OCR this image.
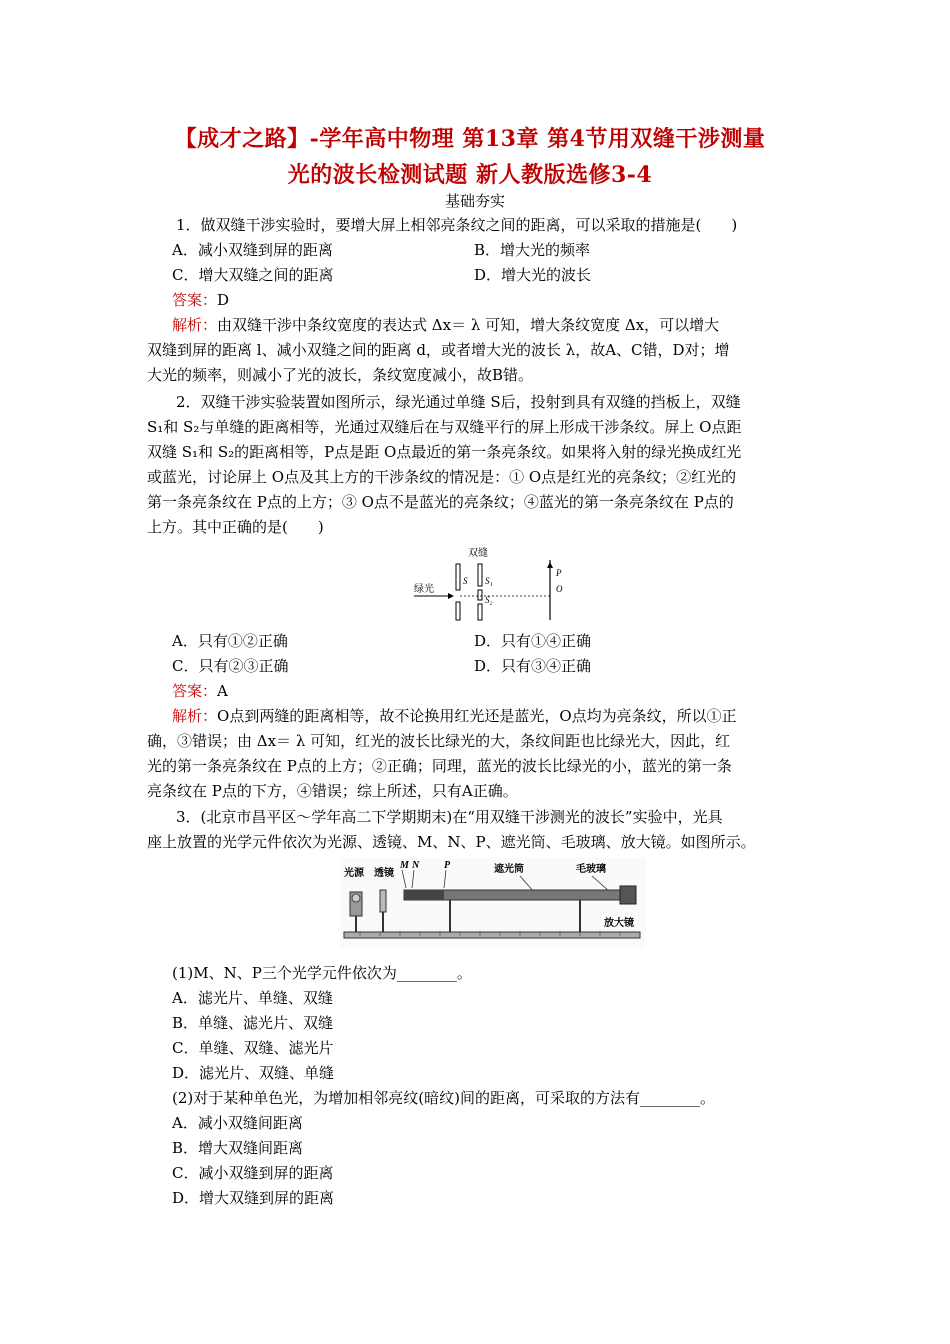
【成才之路】-学年高中物理 第13章 第4节用双缝干涉测量
光的波长检测试题 新人教版选修3-4
基础夯实
1．做双缝干涉实验时，要增大屏上相邻亮条纹之间的距离，可以采取的措施是(　　)
A．减小双缝到屏的距离	B．增大光的频率
C．增大双缝之间的距离	D．增大光的波长
答案：D
解析：由双缝干涉中条纹宽度的表达式 Δx＝ λ 可知，增大条纹宽度 Δx，可以增大
双缝到屏的距离 l、减小双缝之间的距离 d，或者增大光的波长 λ，故A、C错，D对；增
大光的频率，则减小了光的波长，条纹宽度减小，故B错。
2．双缝干涉实验装置如图所示，绿光通过单缝 S后，投射到具有双缝的挡板上，双缝
S₁和 S₂与单缝的距离相等，光通过双缝后在与双缝平行的屏上形成干涉条纹。屏上 O点距
双缝 S₁和 S₂的距离相等，P点是距 O点最近的第一条亮条纹。如果将入射的绿光换成红光
或蓝光，讨论屏上 O点及其上方的干涉条纹的情况是：① O点是红光的亮条纹；②红光的
第一条亮条纹在 P点的上方；③ O点不是蓝光的亮条纹；④蓝光的第一条亮条纹在 P点的
上方。其中正确的是(　　)
双缝
绿光
S S₁
S₂
P
O
A．只有①②正确	D．只有①④正确
C．只有②③正确	D．只有③④正确
答案：A
解析：O点到两缝的距离相等，故不论换用红光还是蓝光，O点均为亮条纹，所以①正
确，③错误；由 Δx＝ λ 可知，红光的波长比绿光的大，条纹间距也比绿光大，因此，红
光的第一条亮条纹在 P点的上方；②正确；同理，蓝光的波长比绿光的小，蓝光的第一条
亮条纹在 P点的下方，④错误；综上所述，只有A正确。
3．(北京市昌平区～学年高二下学期期末)在“用双缝干涉测光的波长”实验中，光具
座上放置的光学元件依次为光源、透镜、M、N、P、遮光筒、毛玻璃、放大镜。如图所示。
光源 透镜
M N P	遮光筒	毛玻璃
放大镜
(1)M、N、P三个光学元件依次为________。
A．滤光片、单缝、双缝
B．单缝、滤光片、双缝
C．单缝、双缝、滤光片
D．滤光片、双缝、单缝
(2)对于某种单色光，为增加相邻亮纹(暗纹)间的距离，可采取的方法有________。
A．减小双缝间距离
B．增大双缝间距离
C．减小双缝到屏的距离
D．增大双缝到屏的距离
